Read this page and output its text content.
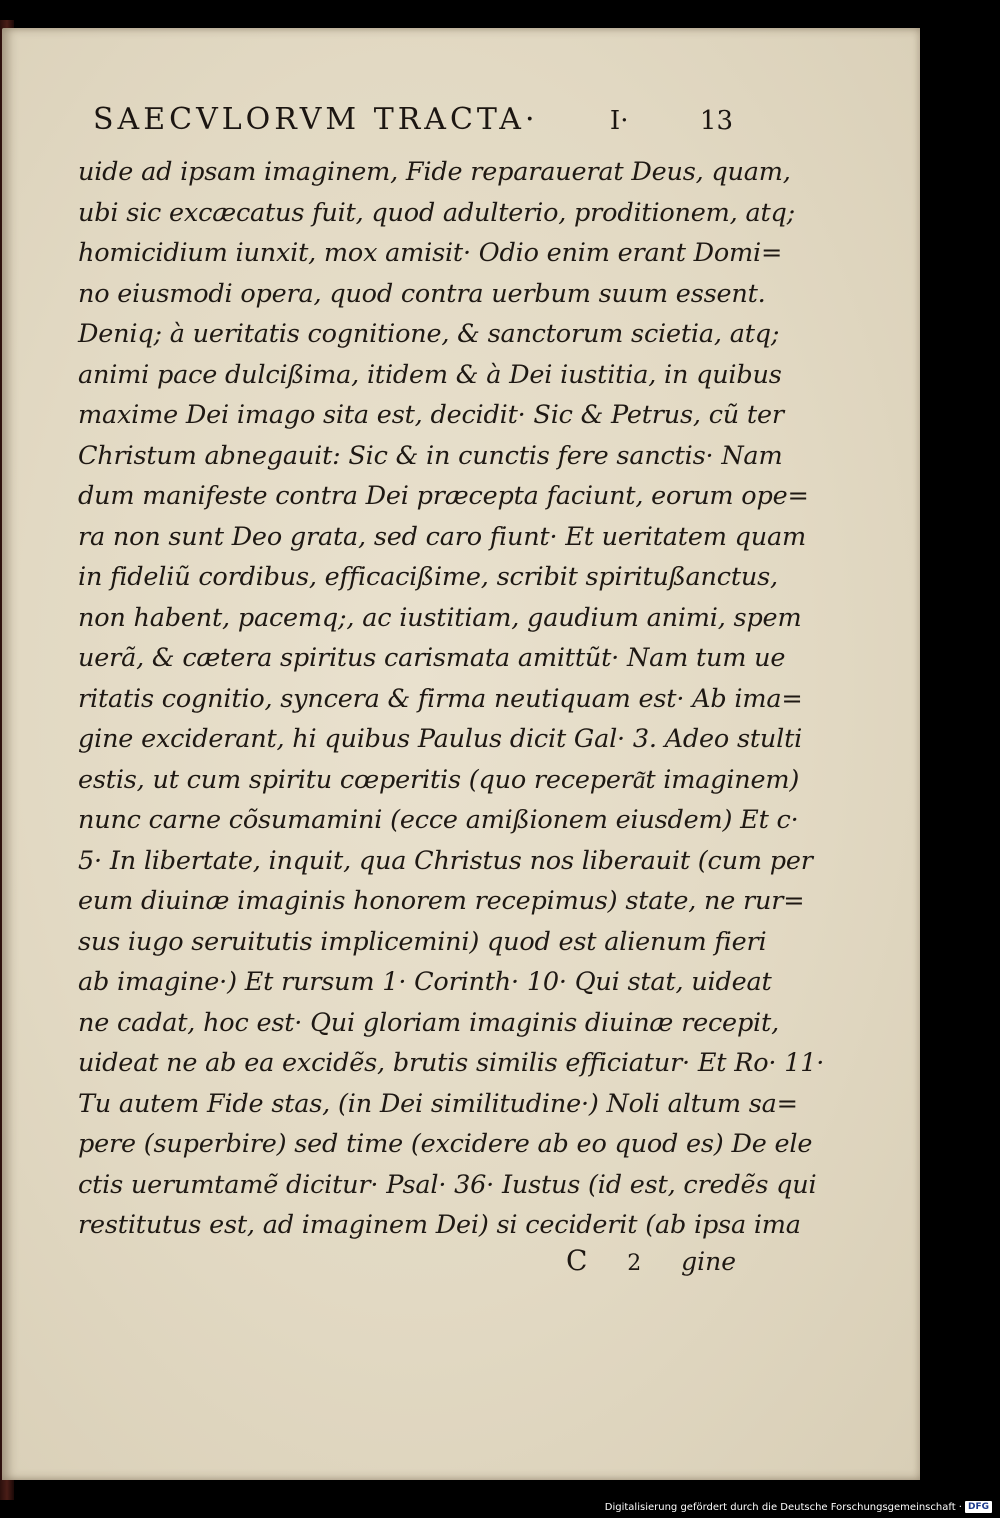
SAECVLORVM TRACTA·	I·	13
uide ad ipsam imaginem, Fide reparauerat Deus, quam,
ubi sic excæcatus fuit, quod adulterio, proditionem, atq;
homicidium iunxit, mox amisit· Odio enim erant Domi=
no eiusmodi opera, quod contra uerbum suum essent.
Deniq; à ueritatis cognitione, & sanctorum scietia, atq;
animi pace dulcißima, itidem & à Dei iustitia, in quibus
maxime Dei imago sita est, decidit· Sic & Petrus, cũ ter
Christum abnegauit: Sic & in cunctis fere sanctis· Nam
dum manifeste contra Dei præcepta faciunt, eorum ope=
ra non sunt Deo grata, sed caro fiunt· Et ueritatem quam
in fideliũ cordibus, efficacißime, scribit spiritußanctus,
non habent, pacemq;, ac iustitiam, gaudium animi, spem
uerã, & cætera spiritus carismata amittũt· Nam tum ue
ritatis cognitio, syncera & firma neutiquam est· Ab ima=
gine exciderant, hi quibus Paulus dicit Gal· 3. Adeo stulti
estis, ut cum spiritu cœperitis (quo recepera͂t imaginem)
nunc carne cõsumamini (ecce amißionem eiusdem) Et c·
5· In libertate, inquit, qua Christus nos liberauit (cum per
eum diuinæ imaginis honorem recepimus) state, ne rur=
sus iugo seruitutis implicemini) quod est alienum fieri
ab imagine·) Et rursum 1· Corinth· 10· Qui stat, uideat
ne cadat, hoc est· Qui gloriam imaginis diuinæ recepit,
uideat ne ab ea excidẽs, brutis similis efficiatur· Et Ro· 11·
Tu autem Fide stas, (in Dei similitudine·) Noli altum sa=
pere (superbire) sed time (excidere ab eo quod es) De ele
ctis uerumtamẽ dicitur· Psal· 36· Iustus (id est, credẽs qui
restitutus est, ad imaginem Dei) si ceciderit (ab ipsa ima
C 2 gine
Digitalisierung gefördert durch die Deutsche Forschungsgemeinschaft · DFG
